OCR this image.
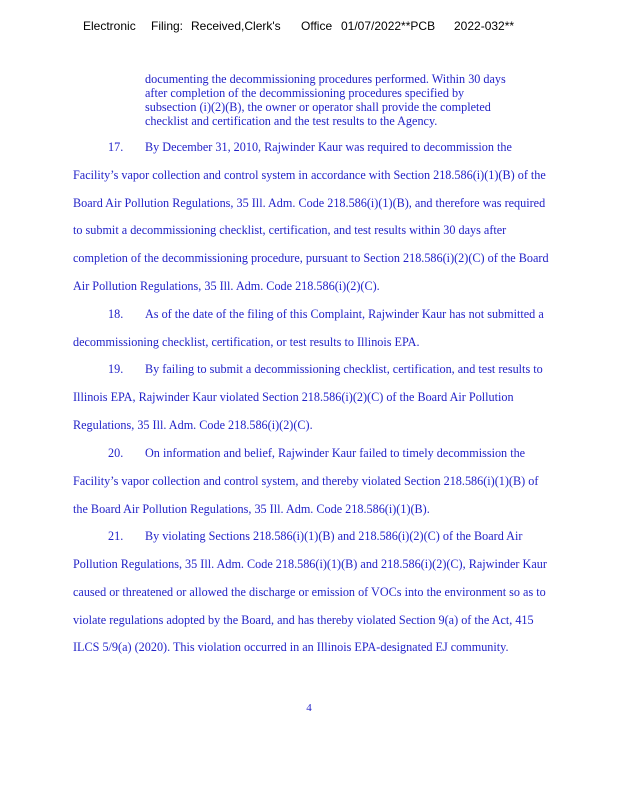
Electronic Filing: Received,Clerk's Office 01/07/2022**PCB 2022-032**
documenting the decommissioning procedures performed. Within 30 days
after completion of the decommissioning procedures specified by
subsection (i)(2)(B), the owner or operator shall provide the completed
checklist and certification and the test results to the Agency.
17. By December 31, 2010, Rajwinder Kaur was required to decommission the
Facility’s vapor collection and control system in accordance with Section 218.586(i)(1)(B) of the
Board Air Pollution Regulations, 35 Ill. Adm. Code 218.586(i)(1)(B), and therefore was required
to submit a decommissioning checklist, certification, and test results within 30 days after
completion of the decommissioning procedure, pursuant to Section 218.586(i)(2)(C) of the Board
Air Pollution Regulations, 35 Ill. Adm. Code 218.586(i)(2)(C).
18. As of the date of the filing of this Complaint, Rajwinder Kaur has not submitted a
decommissioning checklist, certification, or test results to Illinois EPA.
19. By failing to submit a decommissioning checklist, certification, and test results to
Illinois EPA, Rajwinder Kaur violated Section 218.586(i)(2)(C) of the Board Air Pollution
Regulations, 35 Ill. Adm. Code 218.586(i)(2)(C).
20. On information and belief, Rajwinder Kaur failed to timely decommission the
Facility’s vapor collection and control system, and thereby violated Section 218.586(i)(1)(B) of
the Board Air Pollution Regulations, 35 Ill. Adm. Code 218.586(i)(1)(B).
21. By violating Sections 218.586(i)(1)(B) and 218.586(i)(2)(C) of the Board Air
Pollution Regulations, 35 Ill. Adm. Code 218.586(i)(1)(B) and 218.586(i)(2)(C), Rajwinder Kaur
caused or threatened or allowed the discharge or emission of VOCs into the environment so as to
violate regulations adopted by the Board, and has thereby violated Section 9(a) of the Act, 415
ILCS 5/9(a) (2020). This violation occurred in an Illinois EPA-designated EJ community.
4
